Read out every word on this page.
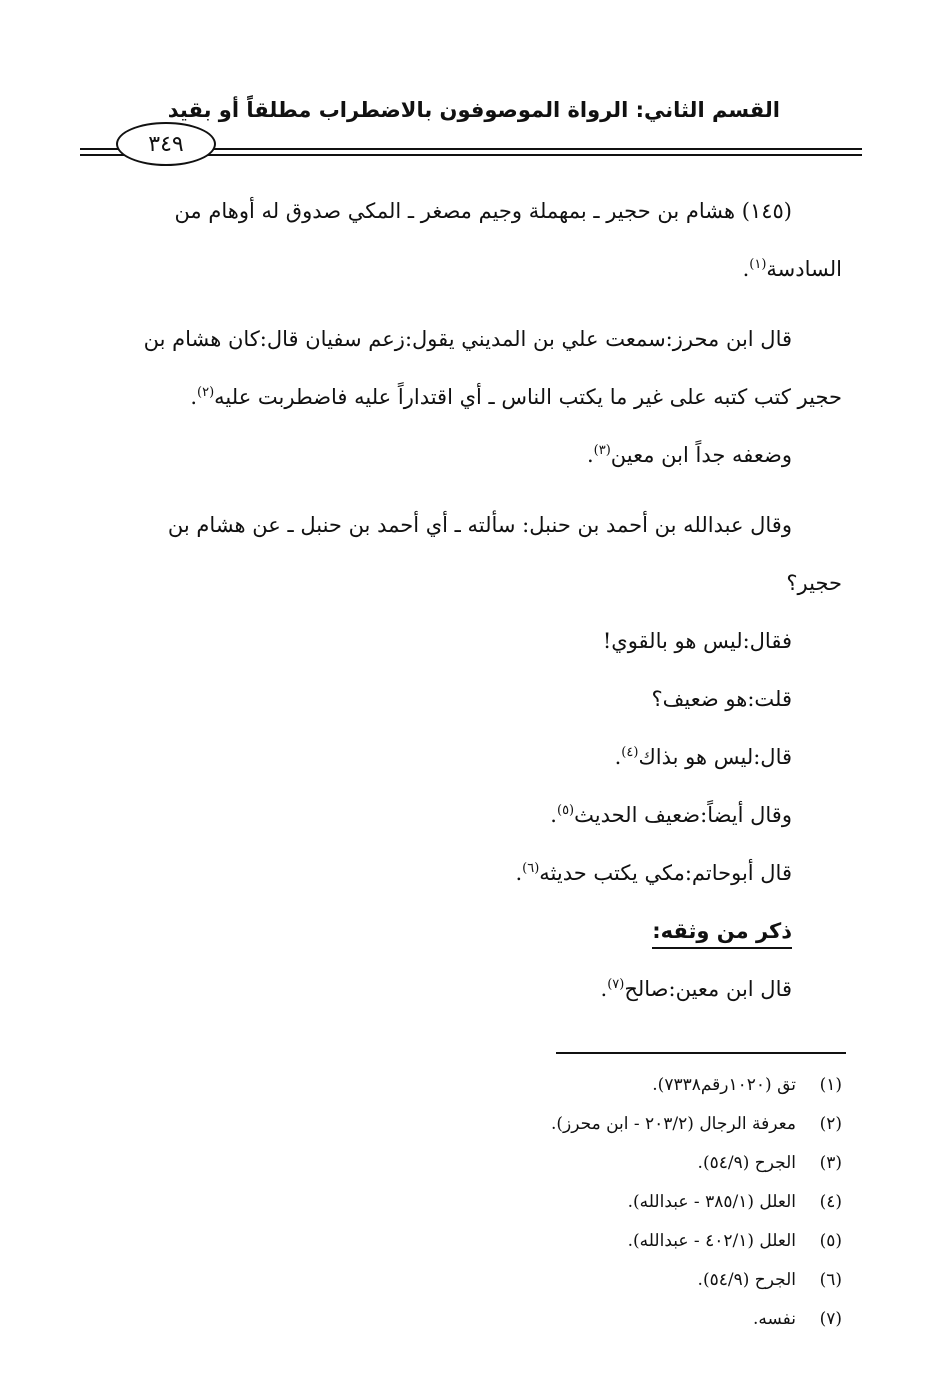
القسم الثاني: الرواة الموصوفون بالاضطراب مطلقاً أو بقيد
٣٤٩

(١٤٥) هشام بن حجير ـ بمهملة وجيم مصغر ـ المكي صدوق له أوهام من

السادسة$^{(١)}$.

قال ابن محرز:سمعت علي بن المديني يقول:زعم سفيان قال:كان هشام بن

حجير كتب كتبه على غير ما يكتب الناس ـ أي اقتداراً عليه فاضطربت عليه$^{(٢)}$.

وضعفه جداً ابن معين$^{(٣)}$.

وقال عبدالله بن أحمد بن حنبل: سألته ـ أي أحمد بن حنبل ـ عن هشام بن

حجير؟

فقال:ليس هو بالقوي!

قلت:هو ضعيف؟

قال:ليس هو بذاك$^{(٤)}$.

وقال أيضاً:ضعيف الحديث$^{(٥)}$.

قال أبوحاتم:مكي يكتب حديثه$^{(٦)}$.

ذكر من وثقه:

قال ابن معين:صالح$^{(٧)}$.

(١)تق (١٠٢٠رقم٧٣٣٨).

(٢)معرفة الرجال (٢٠٣/٢ - ابن محرز).

(٣)الجرح (٥٤/٩).

(٤)العلل (٣٨٥/١ - عبدالله).

(٥)العلل (٤٠٢/١ - عبدالله).

(٦)الجرح (٥٤/٩).

(٧)نفسه.
